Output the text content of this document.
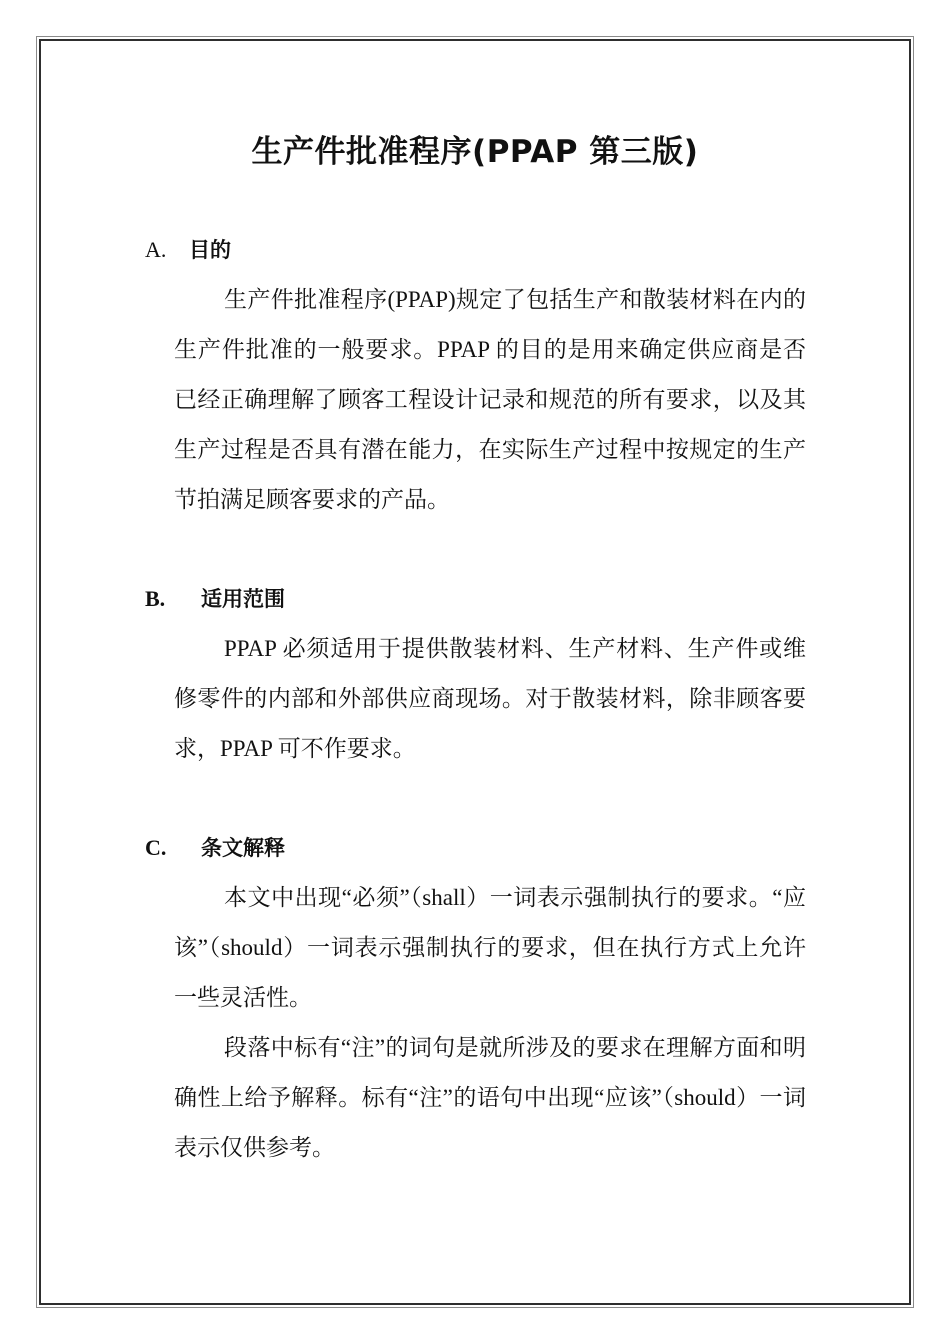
生产件批准程序(PPAP 第三版)
A. 目的

生产件批准程序(PPAP)规定了包括生产和散装材料在内的生产件批准的一般要求。PPAP 的目的是用来确定供应商是否已经正确理解了顾客工程设计记录和规范的所有要求，以及其生产过程是否具有潜在能力，在实际生产过程中按规定的生产节拍满足顾客要求的产品。

B. 适用范围

PPAP 必须适用于提供散装材料、生产材料、生产件或维修零件的内部和外部供应商现场。对于散装材料，除非顾客要求，PPAP 可不作要求。

C. 条文解释

本文中出现“必须”（shall）一词表示强制执行的要求。“应该”（should）一词表示强制执行的要求，但在执行方式上允许一些灵活性。

段落中标有“注”的词句是就所涉及的要求在理解方面和明确性上给予解释。标有“注”的语句中出现“应该”（should）一词表示仅供参考。
